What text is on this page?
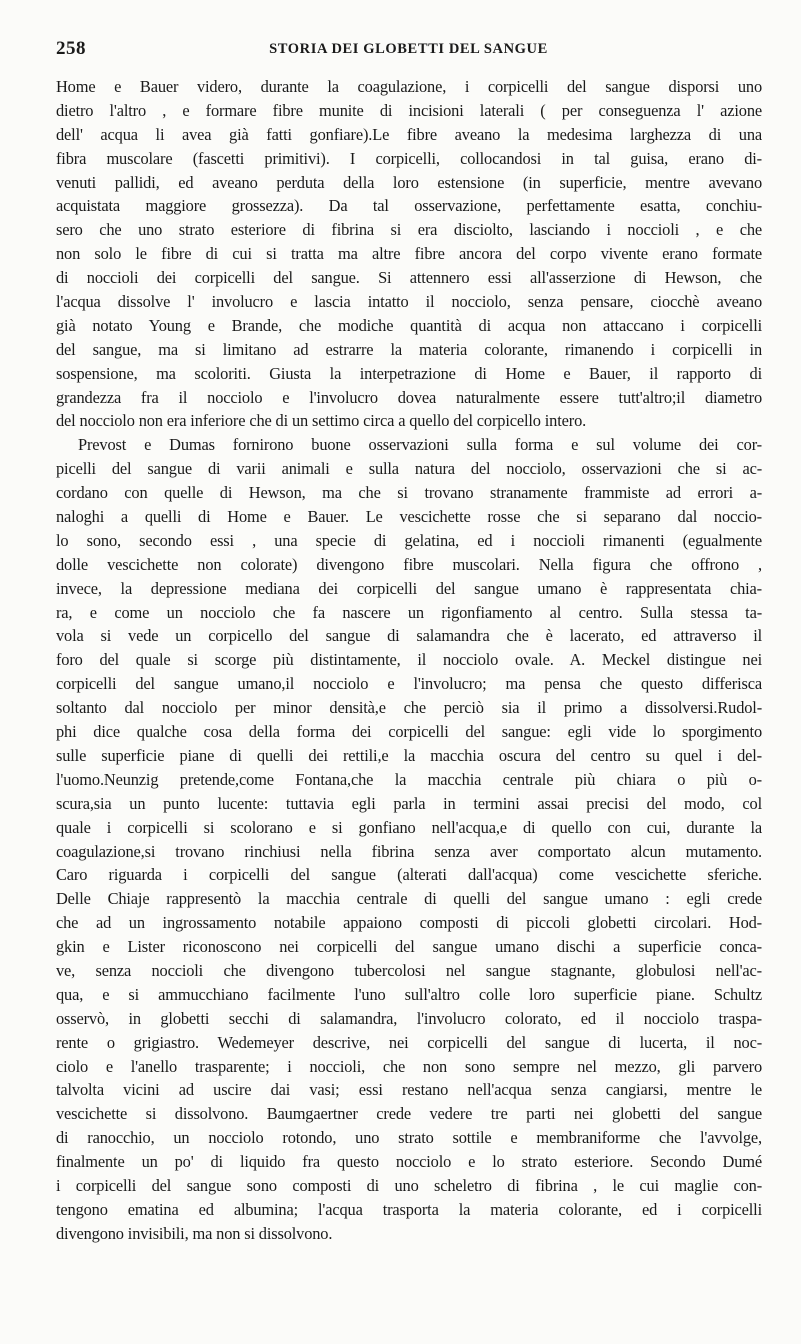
258	STORIA DEI GLOBETTI DEL SANGUE
Home e Bauer videro, durante la coagulazione, i corpicelli del sangue disporsi uno
dietro l'altro , e formare fibre munite di incisioni laterali ( per conseguenza l' azione
dell' acqua li avea già fatti gonfiare).Le fibre aveano la medesima larghezza di una
fibra muscolare (fascetti primitivi). I corpicelli, collocandosi in tal guisa, erano di-
venuti pallidi, ed aveano perduta della loro estensione (in superficie, mentre avevano
acquistata maggiore grossezza). Da tal osservazione, perfettamente esatta, conchiu-
sero che uno strato esteriore di fibrina si era disciolto, lasciando i noccioli , e che
non solo le fibre di cui si tratta ma altre fibre ancora del corpo vivente erano formate
di noccioli dei corpicelli del sangue. Si attennero essi all'asserzione di Hewson, che
l'acqua dissolve l' involucro e lascia intatto il nocciolo, senza pensare, ciocchè aveano
già notato Young e Brande, che modiche quantità di acqua non attaccano i corpicelli
del sangue, ma si limitano ad estrarre la materia colorante, rimanendo i corpicelli in
sospensione, ma scoloriti. Giusta la interpetrazione di Home e Bauer, il rapporto di
grandezza fra il nocciolo e l'involucro dovea naturalmente essere tutt'altro;il diametro
del nocciolo non era inferiore che di un settimo circa a quello del corpicello intero.
Prevost e Dumas fornirono buone osservazioni sulla forma e sul volume dei cor-
picelli del sangue di varii animali e sulla natura del nocciolo, osservazioni che si ac-
cordano con quelle di Hewson, ma che si trovano stranamente frammiste ad errori a-
naloghi a quelli di Home e Bauer. Le vescichette rosse che si separano dal noccio-
lo sono, secondo essi , una specie di gelatina, ed i noccioli rimanenti (egualmente
dolle vescichette non colorate) divengono fibre muscolari. Nella figura che offrono ,
invece, la depressione mediana dei corpicelli del sangue umano è rappresentata chia-
ra, e come un nocciolo che fa nascere un rigonfiamento al centro. Sulla stessa ta-
vola si vede un corpicello del sangue di salamandra che è lacerato, ed attraverso il
foro del quale si scorge più distintamente, il nocciolo ovale. A. Meckel distingue nei
corpicelli del sangue umano,il nocciolo e l'involucro; ma pensa che questo differisca
soltanto dal nocciolo per minor densità,e che perciò sia il primo a dissolversi.Rudol-
phi dice qualche cosa della forma dei corpicelli del sangue: egli vide lo sporgimento
sulle superficie piane di quelli dei rettili,e la macchia oscura del centro su quel i del-
l'uomo.Neunzig pretende,come Fontana,che la macchia centrale più chiara o più o-
scura,sia un punto lucente: tuttavia egli parla in termini assai precisi del modo, col
quale i corpicelli si scolorano e si gonfiano nell'acqua,e di quello con cui, durante la
coagulazione,si trovano rinchiusi nella fibrina senza aver comportato alcun mutamento.
Caro riguarda i corpicelli del sangue (alterati dall'acqua) come vescichette sferiche.
Delle Chiaje rappresentò la macchia centrale di quelli del sangue umano : egli crede
che ad un ingrossamento notabile appaiono composti di piccoli globetti circolari. Hod-
gkin e Lister riconoscono nei corpicelli del sangue umano dischi a superficie conca-
ve, senza noccioli che divengono tubercolosi nel sangue stagnante, globulosi nell'ac-
qua, e si ammucchiano facilmente l'uno sull'altro colle loro superficie piane. Schultz
osservò, in globetti secchi di salamandra, l'involucro colorato, ed il nocciolo traspa-
rente o grigiastro. Wedemeyer descrive, nei corpicelli del sangue di lucerta, il noc-
ciolo e l'anello trasparente; i noccioli, che non sono sempre nel mezzo, gli parvero
talvolta vicini ad uscire dai vasi; essi restano nell'acqua senza cangiarsi, mentre le
vescichette si dissolvono. Baumgaertner crede vedere tre parti nei globetti del sangue
di ranocchio, un nocciolo rotondo, uno strato sottile e membraniforme che l'avvolge,
finalmente un po' di liquido fra questo nocciolo e lo strato esteriore. Secondo Dumé
i corpicelli del sangue sono composti di uno scheletro di fibrina , le cui maglie con-
tengono ematina ed albumina; l'acqua trasporta la materia colorante, ed i corpicelli
divengono invisibili, ma non si dissolvono.
